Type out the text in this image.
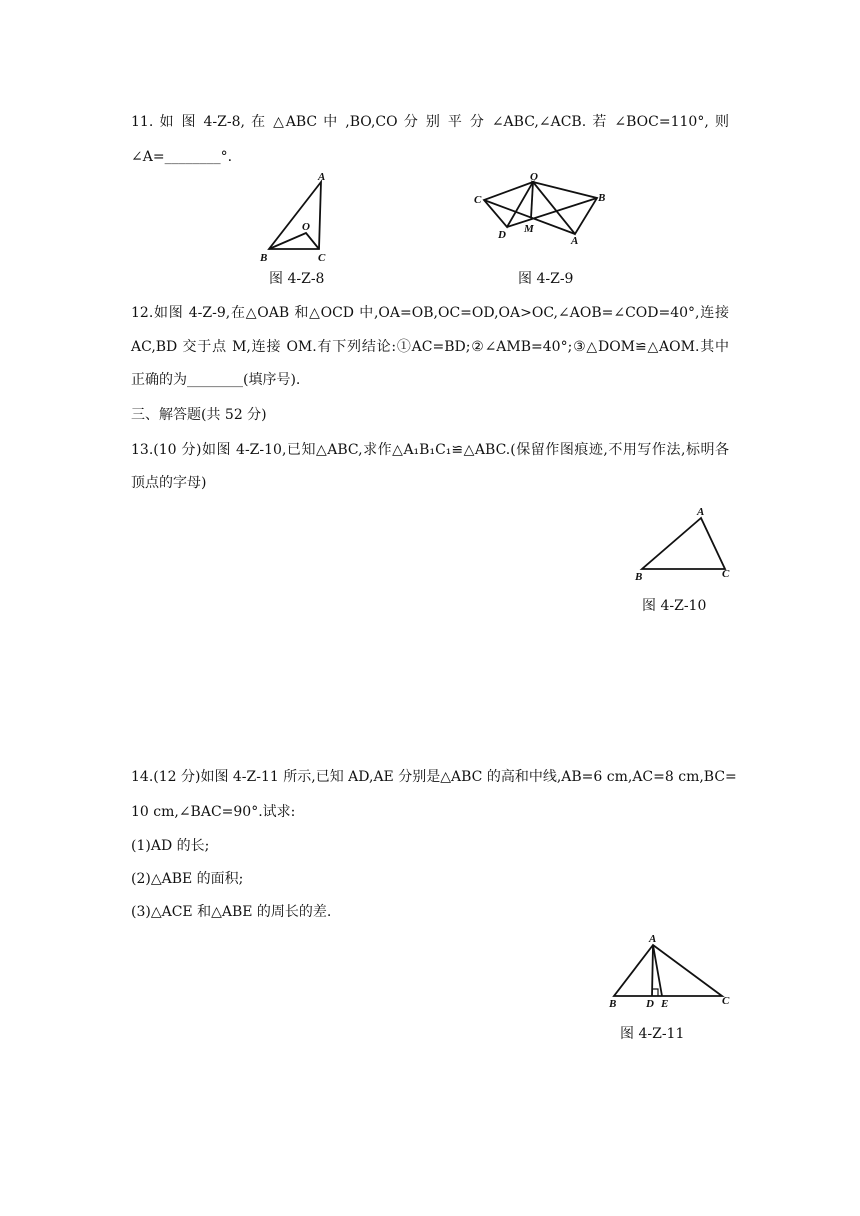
11. 如 图 4-Z-8, 在 △ABC 中 ,BO,CO 分 别 平 分 ∠ABC,∠ACB. 若 ∠BOC=110°, 则
∠A=________°.
A
B	C
O
图 4-Z-8
O
C	B
D M
A
图 4-Z-9
12.如图 4-Z-9,在△OAB 和△OCD 中,OA=OB,OC=OD,OA>OC,∠AOB=∠COD=40°,连接
AC,BD 交于点 M,连接 OM.有下列结论:①AC=BD;②∠AMB=40°;③△DOM≌△AOM.其中
正确的为________(填序号).
三、解答题(共 52 分)
13.(10 分)如图 4-Z-10,已知△ABC,求作△A₁B₁C₁≌△ABC.(保留作图痕迹,不用写作法,标明各
顶点的字母)
A
B	C
图 4-Z-10
14.(12 分)如图 4-Z-11 所示,已知 AD,AE 分别是△ABC 的高和中线,AB=6 cm,AC=8 cm,BC=
10 cm,∠BAC=90°.试求:
(1)AD 的长;
(2)△ABE 的面积;
(3)△ACE 和△ABE 的周长的差.
A
B	D E	C
图 4-Z-11
